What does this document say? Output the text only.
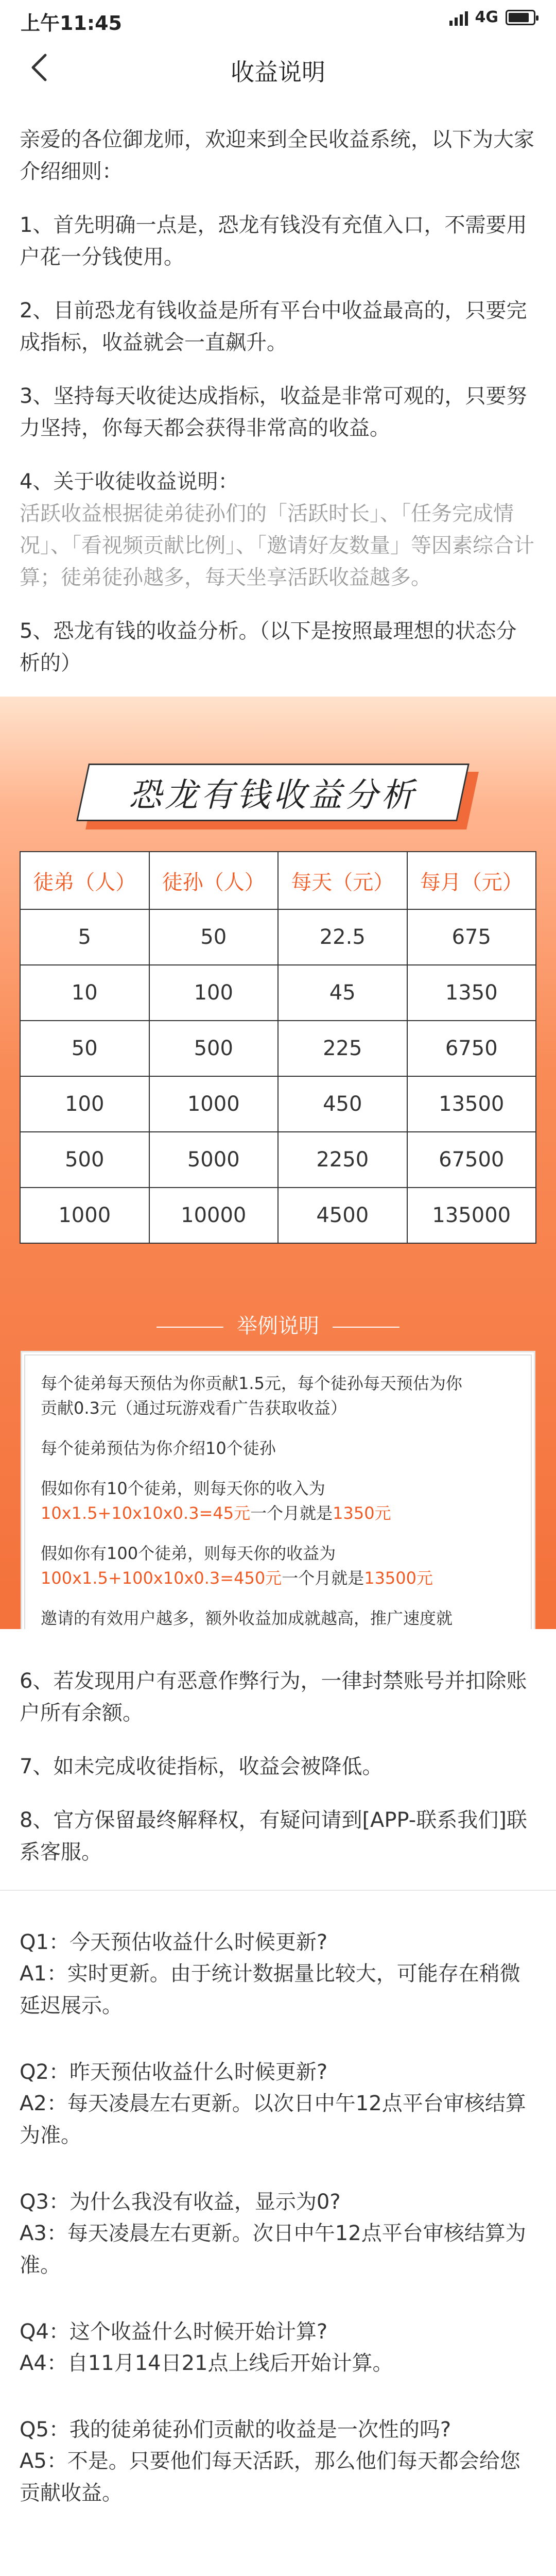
上午11:45	4G
收益说明
亲爱的各位御龙师，欢迎来到全民收益系统，以下为大家介绍细则：
1、首先明确一点是，恐龙有钱没有充值入口，不需要用户花一分钱使用。
2、目前恐龙有钱收益是所有平台中收益最高的，只要完成指标，收益就会一直飙升。
3、坚持每天收徒达成指标，收益是非常可观的，只要努力坚持，你每天都会获得非常高的收益。
4、关于收徒收益说明：
活跃收益根据徒弟徒孙们的「活跃时长」、「任务完成情况」、「看视频贡献比例」、「邀请好友数量」等因素综合计算；徒弟徒孙越多，每天坐享活跃收益越多。
5、恐龙有钱的收益分析。（以下是按照最理想的状态分析的）
恐龙有钱收益分析
徒弟（人）	徒孙（人）	每天（元）	每月（元）
5	50	22.5	675
10	100	45	1350
50	500	225	6750
100	1000	450	13500
500	5000	2250	67500
1000	10000	4500	135000
举例说明
每个徒弟每天预估为你贡献1.5元，每个徒孙每天预估为你
贡献0.3元（通过玩游戏看广告获取收益）
每个徒弟预估为你介绍10个徒孙
假如你有10个徒弟，则每天你的收入为
10x1.5+10x10x0.3=45元一个月就是1350元
假如你有100个徒弟，则每天你的收益为
100x1.5+100x10x0.3=450元一个月就是13500元
邀请的有效用户越多，额外收益加成就越高，推广速度就
¥
6、若发现用户有恶意作弊行为，一律封禁账号并扣除账户所有余额。
7、如未完成收徒指标，收益会被降低。
8、官方保留最终解释权，有疑问请到[APP-联系我们]联系客服。
Q1：今天预估收益什么时候更新?
A1：实时更新。由于统计数据量比较大，可能存在稍微延迟展示。
Q2：昨天预估收益什么时候更新?
A2：每天凌晨左右更新。以次日中午12点平台审核结算为准。
Q3：为什么我没有收益，显示为0?
A3：每天凌晨左右更新。次日中午12点平台审核结算为准。
Q4：这个收益什么时候开始计算?
A4：自11月14日21点上线后开始计算。
Q5：我的徒弟徒孙们贡献的收益是一次性的吗?
A5：不是。只要他们每天活跃，那么他们每天都会给您贡献收益。
